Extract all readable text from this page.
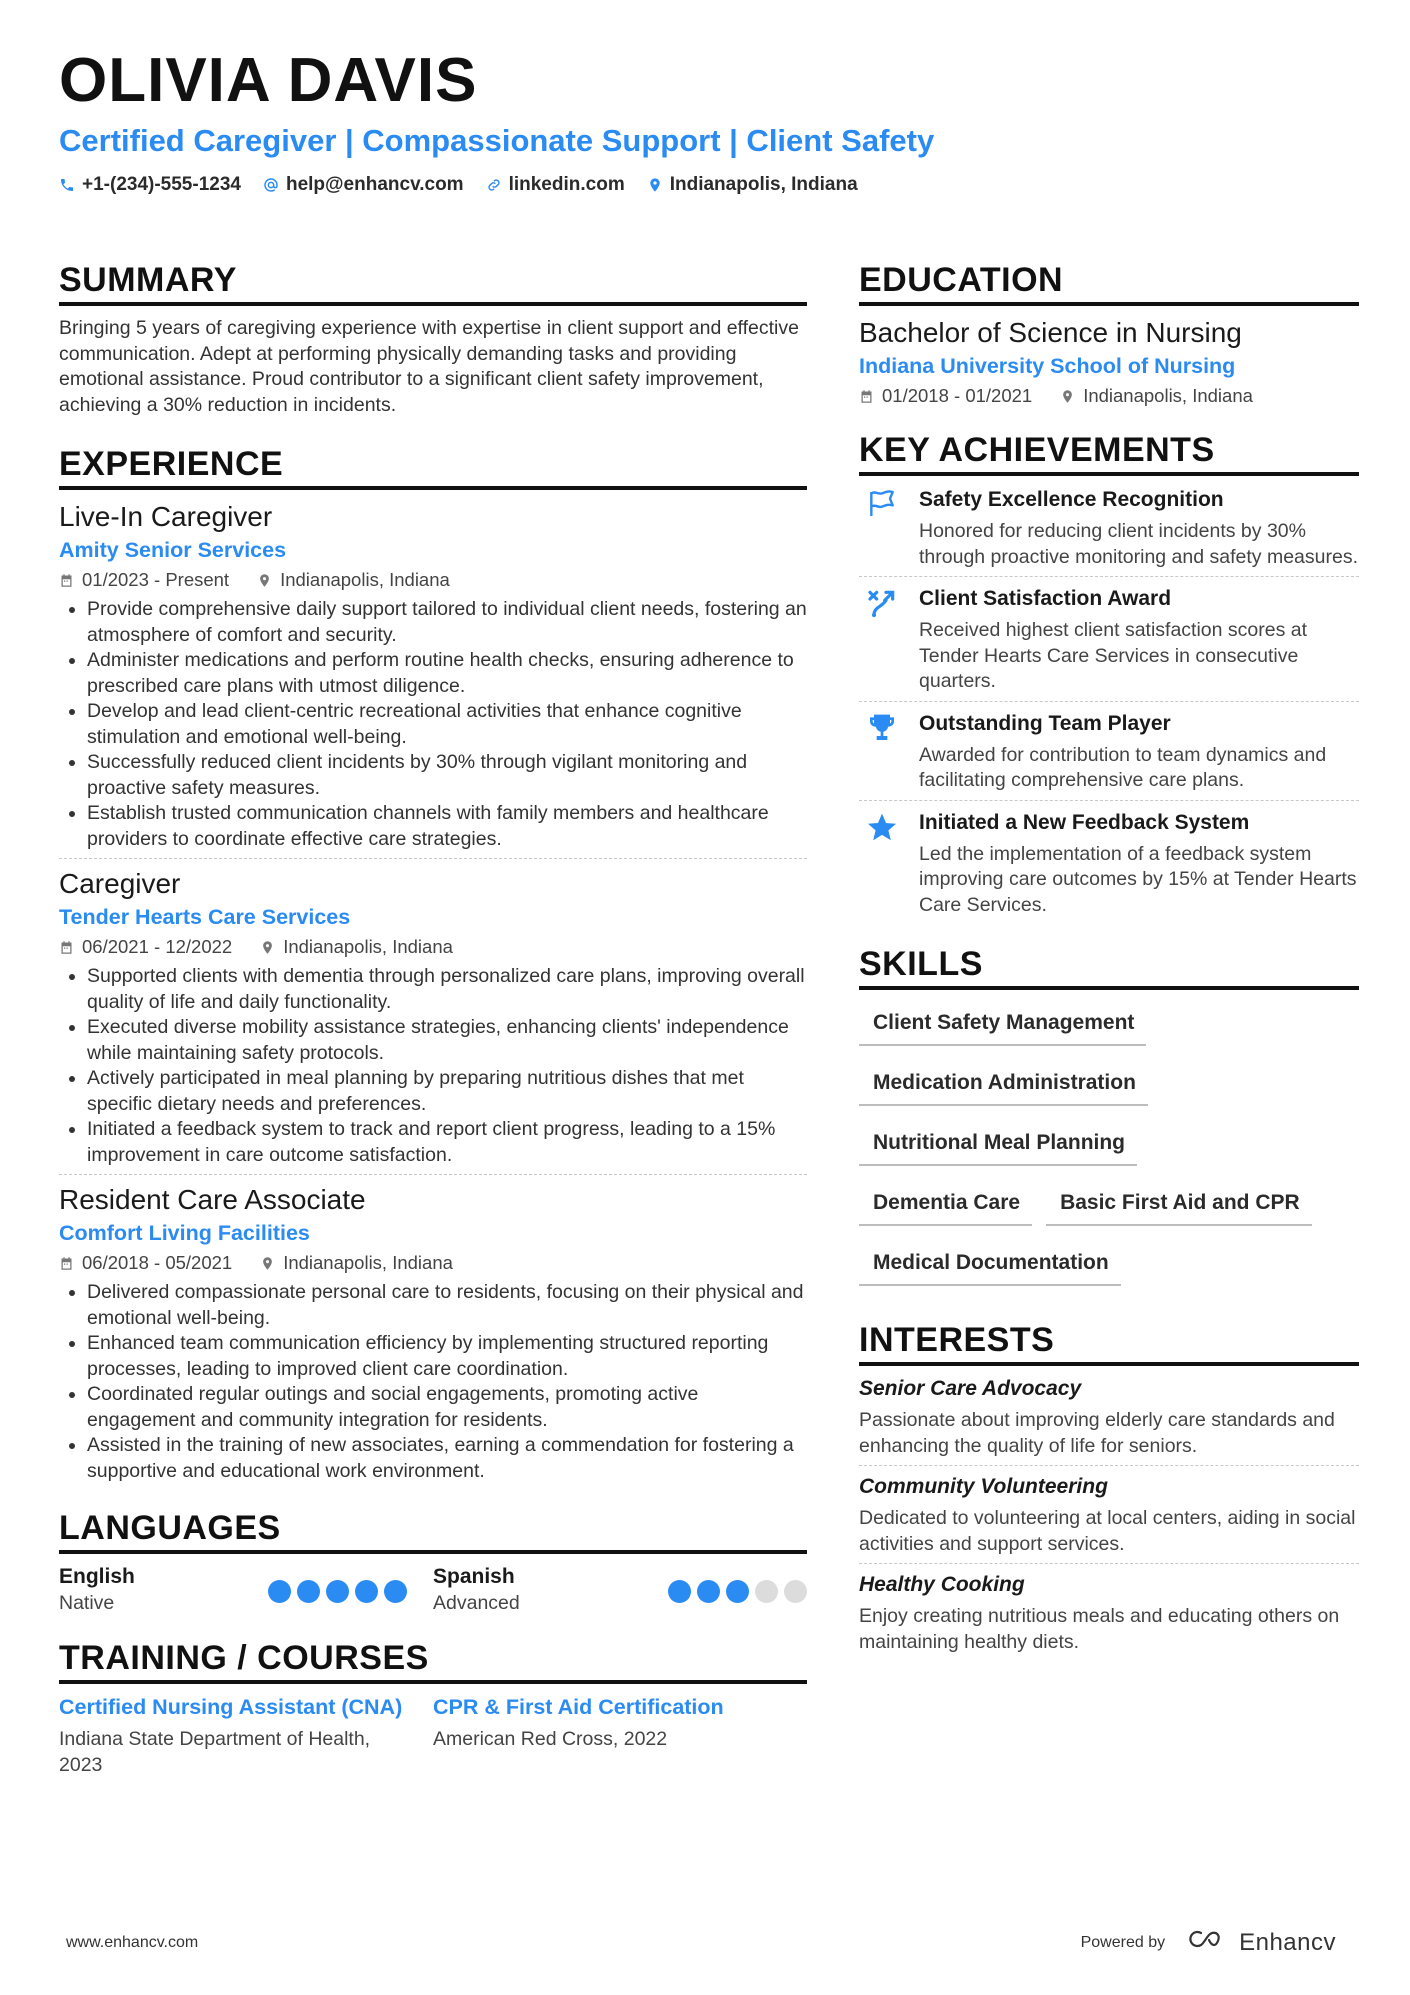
OLIVIA DAVIS
Certified Caregiver | Compassionate Support | Client Safety
+1-(234)-555-1234 help@enhancv.com linkedin.com Indianapolis, Indiana
SUMMARY
Bringing 5 years of caregiving experience with expertise in client support and effective communication. Adept at performing physically demanding tasks and providing emotional assistance. Proud contributor to a significant client safety improvement, achieving a 30% reduction in incidents.
EXPERIENCE
Live-In Caregiver
Amity Senior Services
01/2023 - Present	Indianapolis, Indiana
• Provide comprehensive daily support tailored to individual client needs, fostering an atmosphere of comfort and security.
• Administer medications and perform routine health checks, ensuring adherence to prescribed care plans with utmost diligence.
• Develop and lead client-centric recreational activities that enhance cognitive stimulation and emotional well-being.
• Successfully reduced client incidents by 30% through vigilant monitoring and proactive safety measures.
• Establish trusted communication channels with family members and healthcare providers to coordinate effective care strategies.
Caregiver
Tender Hearts Care Services
06/2021 - 12/2022	Indianapolis, Indiana
• Supported clients with dementia through personalized care plans, improving overall quality of life and daily functionality.
• Executed diverse mobility assistance strategies, enhancing clients' independence while maintaining safety protocols.
• Actively participated in meal planning by preparing nutritious dishes that met specific dietary needs and preferences.
• Initiated a feedback system to track and report client progress, leading to a 15% improvement in care outcome satisfaction.
Resident Care Associate
Comfort Living Facilities
06/2018 - 05/2021	Indianapolis, Indiana
• Delivered compassionate personal care to residents, focusing on their physical and emotional well-being.
• Enhanced team communication efficiency by implementing structured reporting processes, leading to improved client care coordination.
• Coordinated regular outings and social engagements, promoting active engagement and community integration for residents.
• Assisted in the training of new associates, earning a commendation for fostering a supportive and educational work environment.
LANGUAGES
English
Native
Spanish
Advanced
TRAINING / COURSES
Certified Nursing Assistant (CNA)
Indiana State Department of Health, 2023
CPR & First Aid Certification
American Red Cross, 2022
EDUCATION
Bachelor of Science in Nursing
Indiana University School of Nursing
01/2018 - 01/2021	Indianapolis, Indiana
KEY ACHIEVEMENTS
Safety Excellence Recognition
Honored for reducing client incidents by 30% through proactive monitoring and safety measures.
Client Satisfaction Award
Received highest client satisfaction scores at Tender Hearts Care Services in consecutive quarters.
Outstanding Team Player
Awarded for contribution to team dynamics and facilitating comprehensive care plans.
Initiated a New Feedback System
Led the implementation of a feedback system improving care outcomes by 15% at Tender Hearts Care Services.
SKILLS
Client Safety Management
Medication Administration
Nutritional Meal Planning
Dementia Care	Basic First Aid and CPR
Medical Documentation
INTERESTS
Senior Care Advocacy
Passionate about improving elderly care standards and enhancing the quality of life for seniors.
Community Volunteering
Dedicated to volunteering at local centers, aiding in social activities and support services.
Healthy Cooking
Enjoy creating nutritious meals and educating others on maintaining healthy diets.
www.enhancv.com	Powered by	Enhancv
